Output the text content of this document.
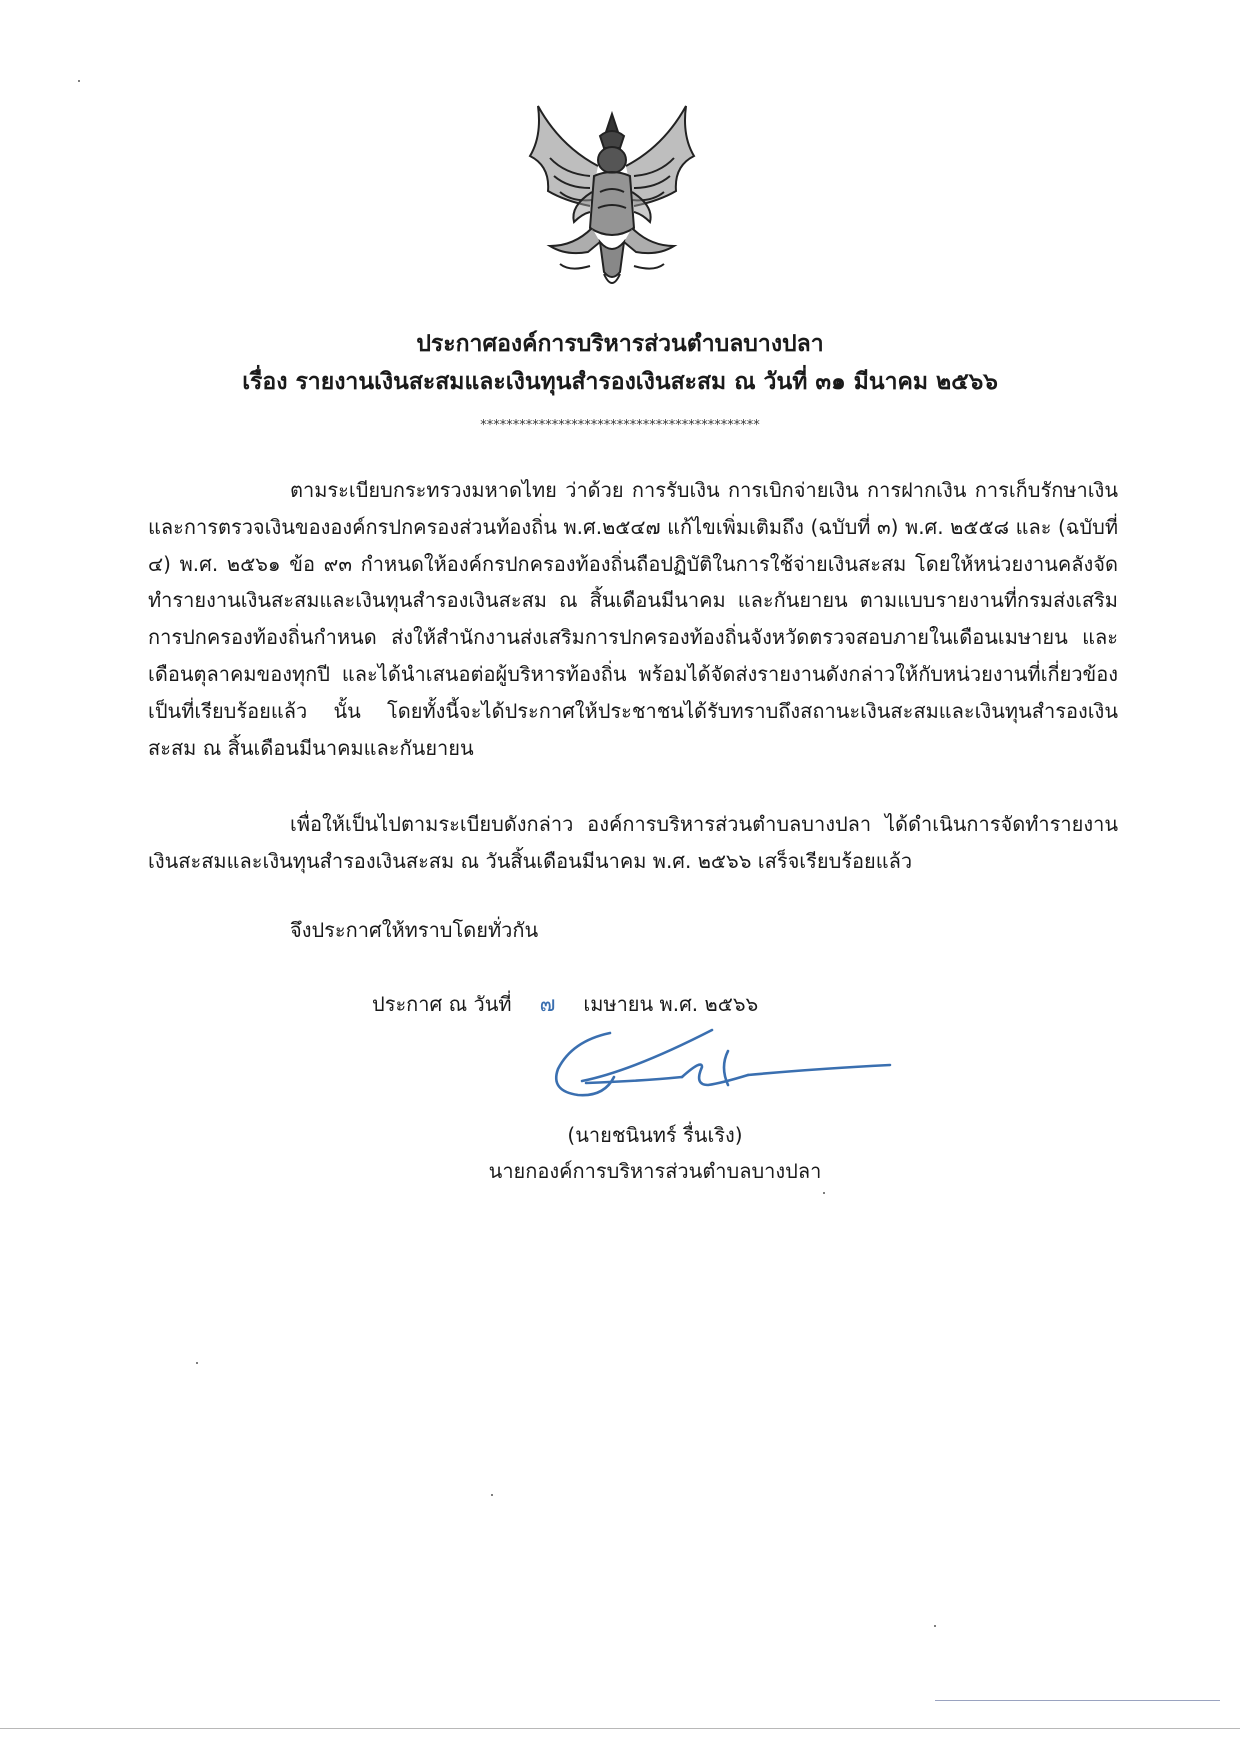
ประกาศองค์การบริหารส่วนตำบลบางปลา

เรื่อง รายงานเงินสะสมและเงินทุนสำรองเงินสะสม ณ วันที่ ๓๑ มีนาคม ๒๕๖๖

*******************************************

ตามระเบียบกระทรวงมหาดไทย ว่าด้วย การรับเงิน การเบิกจ่ายเงิน การฝากเงิน การเก็บรักษาเงิน และการตรวจเงินขององค์กรปกครองส่วนท้องถิ่น พ.ศ.๒๕๔๗ แก้ไขเพิ่มเติมถึง (ฉบับที่ ๓) พ.ศ. ๒๕๕๘ และ (ฉบับที่ ๔) พ.ศ. ๒๕๖๑ ข้อ ๙๓ กำหนดให้องค์กรปกครองท้องถิ่นถือปฏิบัติในการใช้จ่ายเงินสะสม โดยให้หน่วยงานคลังจัดทำรายงานเงินสะสมและเงินทุนสำรองเงินสะสม ณ สิ้นเดือนมีนาคม และกันยายน ตามแบบรายงานที่กรมส่งเสริมการปกครองท้องถิ่นกำหนด ส่งให้สำนักงานส่งเสริมการปกครองท้องถิ่นจังหวัดตรวจสอบภายในเดือนเมษายน และเดือนตุลาคมของทุกปี และได้นำเสนอต่อผู้บริหารท้องถิ่น พร้อมได้จัดส่งรายงานดังกล่าวให้กับหน่วยงานที่เกี่ยวข้องเป็นที่เรียบร้อยแล้ว นั้น โดยทั้งนี้จะได้ประกาศให้ประชาชนได้รับทราบถึงสถานะเงินสะสมและเงินทุนสำรองเงินสะสม ณ สิ้นเดือนมีนาคมและกันยายน

เพื่อให้เป็นไปตามระเบียบดังกล่าว องค์การบริหารส่วนตำบลบางปลา ได้ดำเนินการจัดทำรายงานเงินสะสมและเงินทุนสำรองเงินสะสม ณ วันสิ้นเดือนมีนาคม พ.ศ. ๒๕๖๖ เสร็จเรียบร้อยแล้ว

จึงประกาศให้ทราบโดยทั่วกัน

ประกาศ ณ วันที่ ๗ เมษายน พ.ศ. ๒๕๖๖
(นายชนินทร์ รื่นเริง)
นายกองค์การบริหารส่วนตำบลบางปลา
